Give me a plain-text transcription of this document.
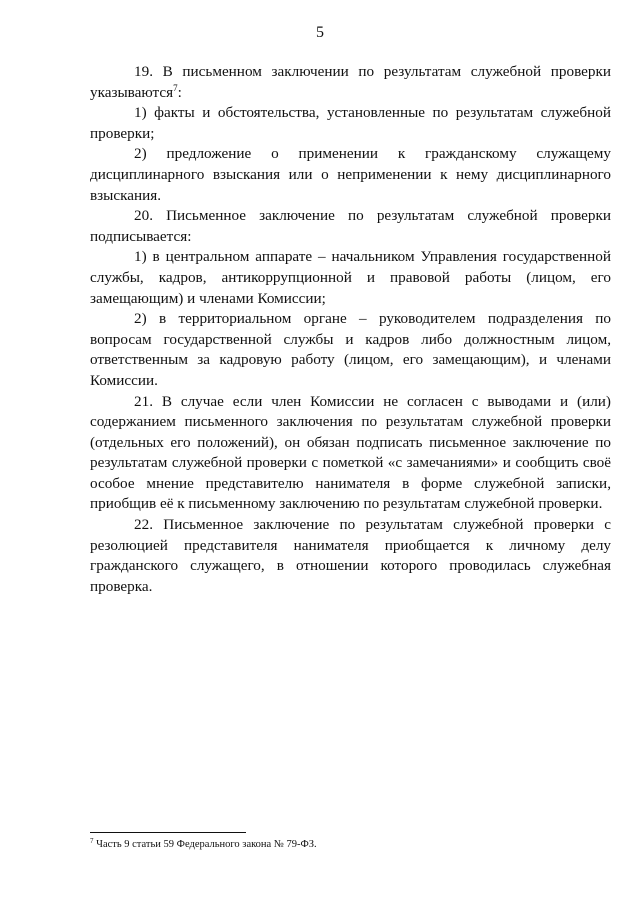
5

19. В письменном заключении по результатам служебной проверки указываются$^7$:

1) факты и обстоятельства, установленные по результатам служебной проверки;

2) предложение о применении к гражданскому служащему дисциплинарного взыскания или о неприменении к нему дисциплинарного взыскания.

20. Письменное заключение по результатам служебной проверки подписывается:

1) в центральном аппарате – начальником Управления государственной службы, кадров, антикоррупционной и правовой работы (лицом, его замещающим) и членами Комиссии;

2) в территориальном органе – руководителем подразделения по вопросам государственной службы и кадров либо должностным лицом, ответственным за кадровую работу (лицом, его замещающим), и членами Комиссии.

21. В случае если член Комиссии не согласен с выводами и (или) содержанием письменного заключения по результатам служебной проверки (отдельных его положений), он обязан подписать письменное заключение по результатам служебной проверки с пометкой «с замечаниями» и сообщить своё особое мнение представителю нанимателя в форме служебной записки, приобщив её к письменному заключению по результатам служебной проверки.

22. Письменное заключение по результатам служебной проверки с резолюцией представителя нанимателя приобщается к личному делу гражданского служащего, в отношении которого проводилась служебная проверка.

$^7$ Часть 9 статьи 59 Федерального закона № 79-ФЗ.
